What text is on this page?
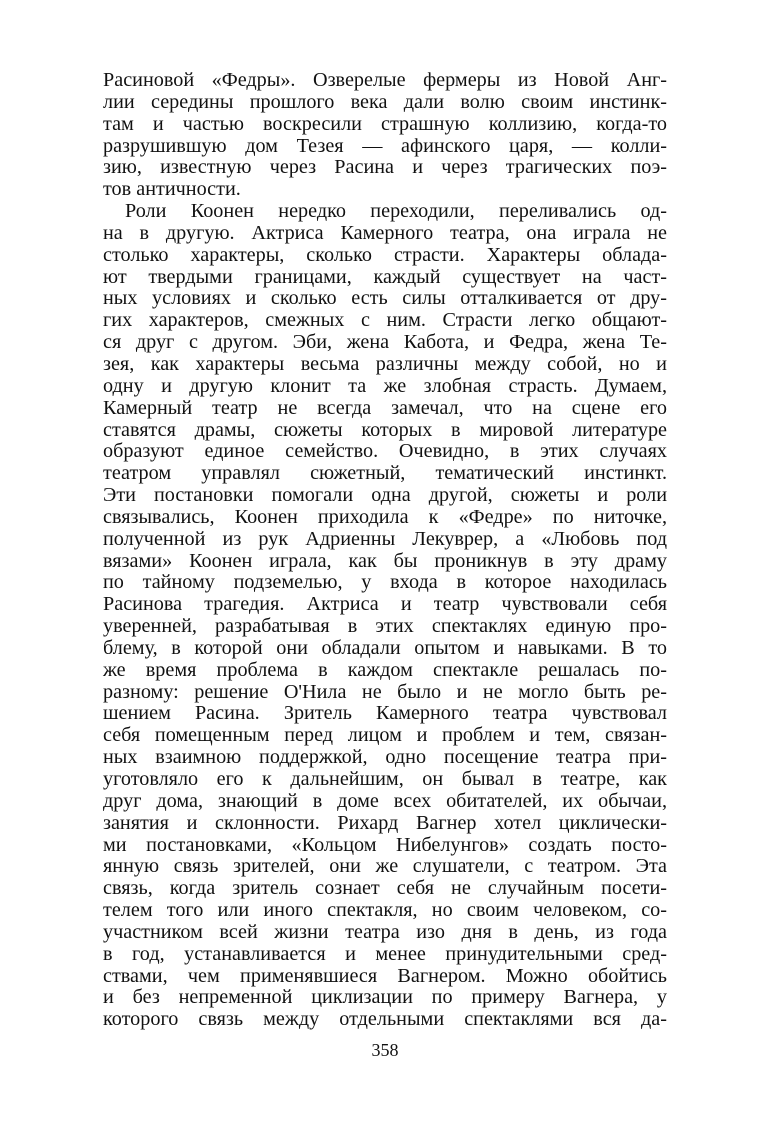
Расиновой «Федры». Озверелые фермеры из Новой Анг-
лии середины прошлого века дали волю своим инстинк-
там и частью воскресили страшную коллизию, когда-то
разрушившую дом Тезея — афинского царя, — колли-
зию, известную через Расина и через трагических поэ-
тов античности.
Роли Коонен нередко переходили, переливались од-
на в другую. Актриса Камерного театра, она играла не
столько характеры, сколько страсти. Характеры облада-
ют твердыми границами, каждый существует на част-
ных условиях и сколько есть силы отталкивается от дру-
гих характеров, смежных с ним. Страсти легко общают-
ся друг с другом. Эби, жена Кабота, и Федра, жена Те-
зея, как характеры весьма различны между собой, но и
одну и другую клонит та же злобная страсть. Думаем,
Камерный театр не всегда замечал, что на сцене его
ставятся драмы, сюжеты которых в мировой литературе
образуют единое семейство. Очевидно, в этих случаях
театром управлял сюжетный, тематический инстинкт.
Эти постановки помогали одна другой, сюжеты и роли
связывались, Коонен приходила к «Федре» по ниточке,
полученной из рук Адриенны Лекуврер, а «Любовь под
вязами» Коонен играла, как бы проникнув в эту драму
по тайному подземелью, у входа в которое находилась
Расинова трагедия. Актриса и театр чувствовали себя
уверенней, разрабатывая в этих спектаклях единую про-
блему, в которой они обладали опытом и навыками. В то
же время проблема в каждом спектакле решалась по-
разному: решение О'Нила не было и не могло быть ре-
шением Расина. Зритель Камерного театра чувствовал
себя помещенным перед лицом и проблем и тем, связан-
ных взаимною поддержкой, одно посещение театра при-
уготовляло его к дальнейшим, он бывал в театре, как
друг дома, знающий в доме всех обитателей, их обычаи,
занятия и склонности. Рихард Вагнер хотел циклически-
ми постановками, «Кольцом Нибелунгов» создать посто-
янную связь зрителей, они же слушатели, с театром. Эта
связь, когда зритель сознает себя не случайным посети-
телем того или иного спектакля, но своим человеком, со-
участником всей жизни театра изо дня в день, из года
в год, устанавливается и менее принудительными сред-
ствами, чем применявшиеся Вагнером. Можно обойтись
и без непременной циклизации по примеру Вагнера, у
которого связь между отдельными спектаклями вся да-
358
